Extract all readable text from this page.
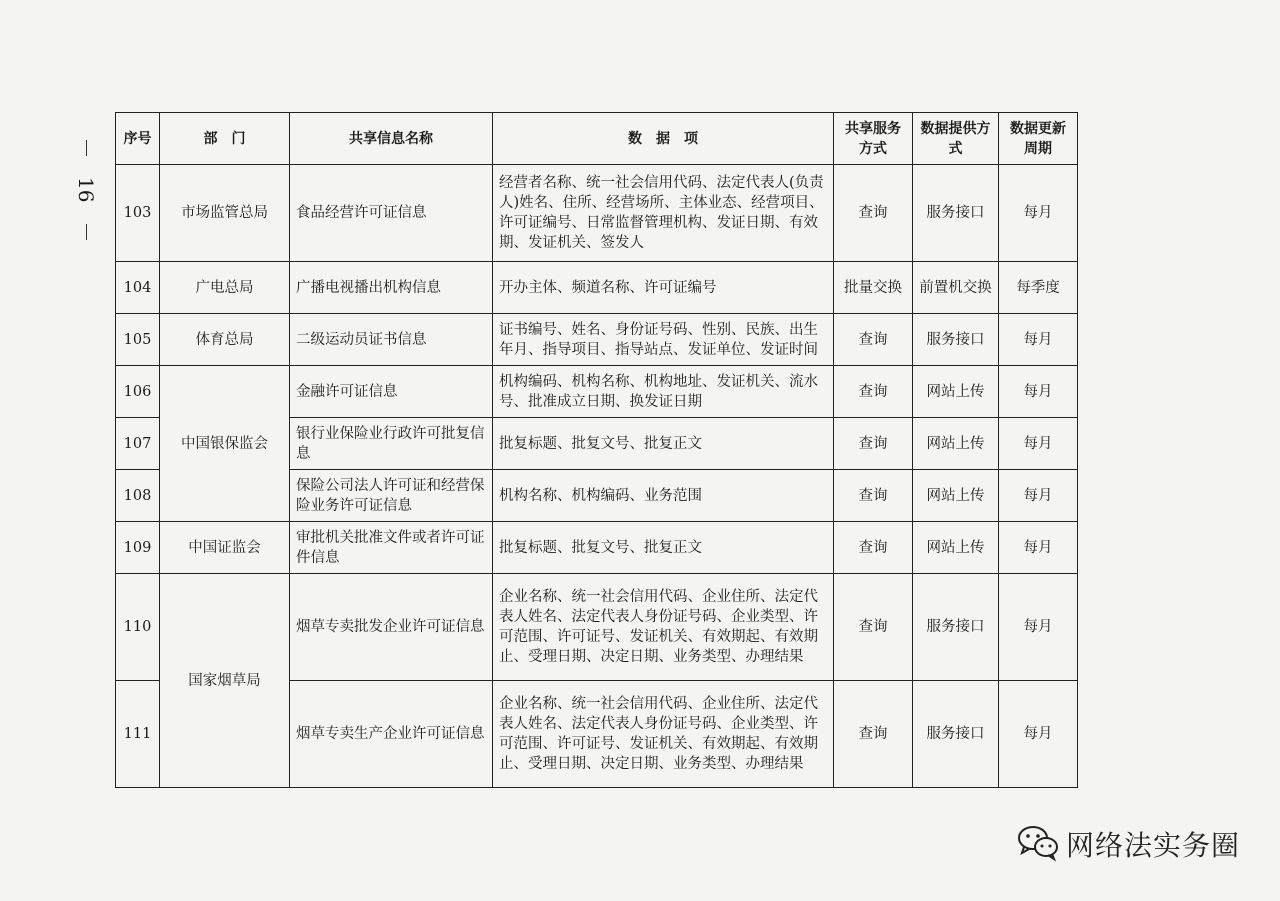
16
序号	部　门	共享信息名称	数　据　项	共享服务方式	数据提供方式	数据更新周期
103	市场监管总局	食品经营许可证信息	经营者名称、统一社会信用代码、法定代表人(负责人)姓名、住所、经营场所、主体业态、经营项目、许可证编号、日常监督管理机构、发证日期、有效期、发证机关、签发人	查询	服务接口	每月
104	广电总局	广播电视播出机构信息	开办主体、频道名称、许可证编号	批量交换	前置机交换	每季度
105	体育总局	二级运动员证书信息	证书编号、姓名、身份证号码、性别、民族、出生年月、指导项目、指导站点、发证单位、发证时间	查询	服务接口	每月
106	中国银保监会	金融许可证信息	机构编码、机构名称、机构地址、发证机关、流水号、批准成立日期、换发证日期	查询	网站上传	每月
107		银行业保险业行政许可批复信息	批复标题、批复文号、批复正文	查询	网站上传	每月
108		保险公司法人许可证和经营保险业务许可证信息	机构名称、机构编码、业务范围	查询	网站上传	每月
109	中国证监会	审批机关批准文件或者许可证件信息	批复标题、批复文号、批复正文	查询	网站上传	每月
110	国家烟草局	烟草专卖批发企业许可证信息	企业名称、统一社会信用代码、企业住所、法定代表人姓名、法定代表人身份证号码、企业类型、许可范围、许可证号、发证机关、有效期起、有效期止、受理日期、决定日期、业务类型、办理结果	查询	服务接口	每月
111		烟草专卖生产企业许可证信息	企业名称、统一社会信用代码、企业住所、法定代表人姓名、法定代表人身份证号码、企业类型、许可范围、许可证号、发证机关、有效期起、有效期止、受理日期、决定日期、业务类型、办理结果	查询	服务接口	每月
网络法实务圈
